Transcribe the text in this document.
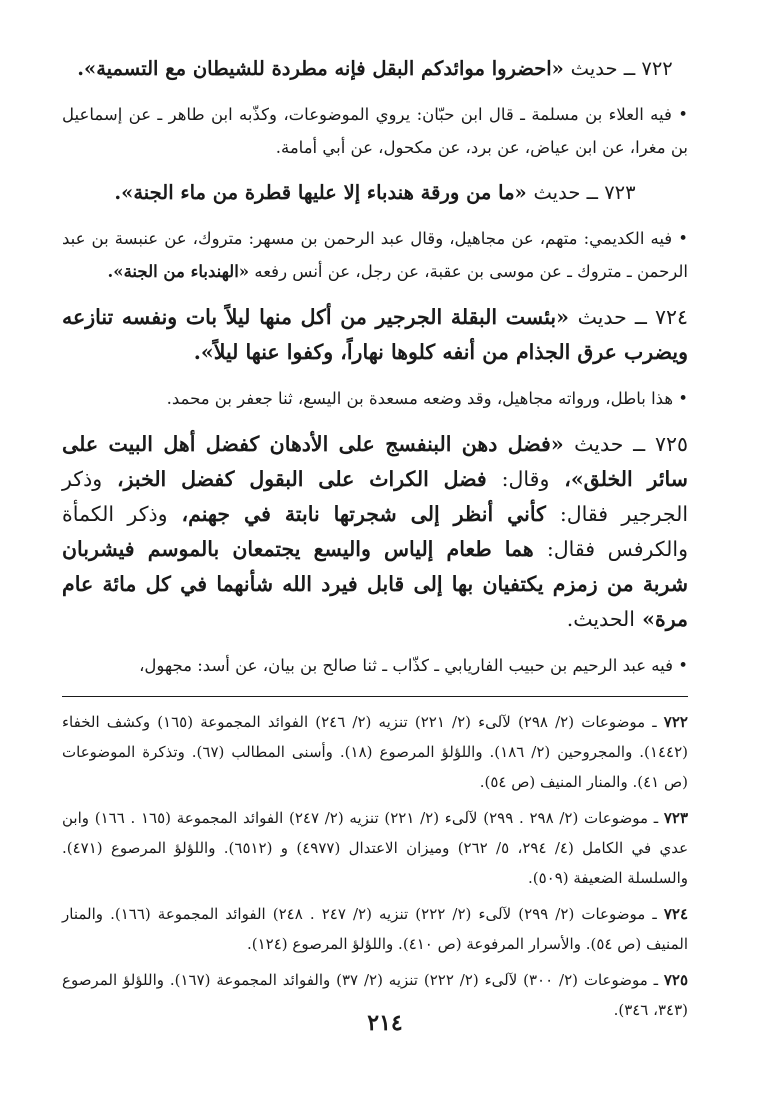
٧٢٢ ــ حديث «احضروا موائدكم البقل فإنه مطردة للشيطان مع التسمية».

• فيه العلاء بن مسلمة ـ قال ابن حبّان: يروي الموضوعات، وكذّبه ابن طاهر ـ عن إسماعيل بن مغرا، عن ابن عياض، عن برد، عن مكحول، عن أبي أمامة.

٧٢٣ ــ حديث «ما من ورقة هندباء إلا عليها قطرة من ماء الجنة».

• فيه الكديمي: متهم، عن مجاهيل، وقال عبد الرحمن بن مسهر: متروك، عن عنبسة بن عبد الرحمن ـ متروك ـ عن موسى بن عقبة، عن رجل، عن أنس رفعه «الهندباء من الجنة».

٧٢٤ ــ حديث «بئست البقلة الجرجير من أكل منها ليلاً بات ونفسه تنازعه ويضرب عرق الجذام من أنفه كلوها نهاراً، وكفوا عنها ليلاً».

• هذا باطل، ورواته مجاهيل، وقد وضعه مسعدة بن اليسع، ثنا جعفر بن محمد.

٧٢٥ ــ حديث «فضل دهن البنفسج على الأدهان كفضل أهل البيت على سائر الخلق»، وقال: فضل الكراث على البقول كفضل الخبز، وذكر الجرجير فقال: كأني أنظر إلى شجرتها نابتة في جهنم، وذكر الكمأة والكرفس فقال: هما طعام إلياس واليسع يجتمعان بالموسم فيشربان شربة من زمزم يكتفيان بها إلى قابل فيرد الله شأنهما في كل مائة عام مرة» الحديث.

• فيه عبد الرحيم بن حبيب الفاريابي ـ كذّاب ـ ثنا صالح بن بيان، عن أسد: مجهول،

٧٢٢ ـ موضوعات (٢/ ٢٩٨) لآلىء (٢/ ٢٢١) تنزيه (٢/ ٢٤٦) الفوائد المجموعة (١٦٥) وكشف الخفاء (١٤٤٢). والمجروحين (٢/ ١٨٦). واللؤلؤ المرصوع (١٨). وأسنى المطالب (٦٧). وتذكرة الموضوعات (ص ٤١). والمنار المنيف (ص ٥٤).

٧٢٣ ـ موضوعات (٢/ ٢٩٨ . ٢٩٩) لآلىء (٢/ ٢٢١) تنزيه (٢/ ٢٤٧) الفوائد المجموعة (١٦٥ . ١٦٦) وابن عدي في الكامل (٤/ ٢٩٤، ٥/ ٢٦٢) وميزان الاعتدال (٤٩٧٧) و (٦٥١٢). واللؤلؤ المرصوع (٤٧١). والسلسلة الضعيفة (٥٠٩).

٧٢٤ ـ موضوعات (٢/ ٢٩٩) لآلىء (٢/ ٢٢٢) تنزيه (٢/ ٢٤٧ . ٢٤٨) الفوائد المجموعة (١٦٦). والمنار المنيف (ص ٥٤). والأسرار المرفوعة (ص ٤١٠). واللؤلؤ المرصوع (١٢٤).

٧٢٥ ـ موضوعات (٢/ ٣٠٠) لآلىء (٢/ ٢٢٢) تنزيه (٢/ ٣٧) والفوائد المجموعة (١٦٧). واللؤلؤ المرصوع (٣٤٣، ٣٤٦).

٢١٤
